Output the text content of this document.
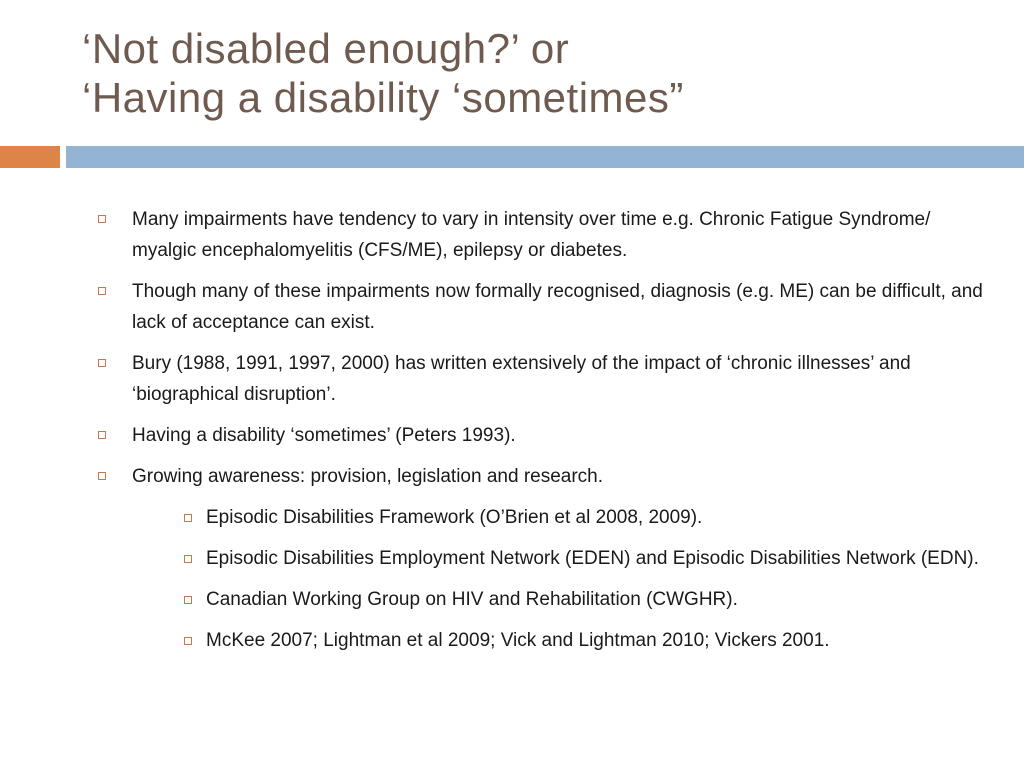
‘Not disabled enough?’ or
‘Having a disability ‘sometimes”
Many impairments have tendency to vary in intensity over time e.g. Chronic Fatigue Syndrome/ myalgic encephalomyelitis (CFS/ME), epilepsy or diabetes.
Though many of these impairments now formally recognised, diagnosis (e.g. ME) can be difficult, and lack of acceptance can exist.
Bury (1988, 1991, 1997, 2000) has written extensively of the impact of ‘chronic illnesses’ and ‘biographical disruption’.
Having a disability ‘sometimes’ (Peters 1993).
Growing awareness: provision, legislation and research.
Episodic Disabilities Framework (O’Brien et al 2008, 2009).
Episodic Disabilities Employment Network (EDEN) and Episodic Disabilities Network (EDN).
Canadian Working Group on HIV and Rehabilitation (CWGHR).
McKee 2007; Lightman et al 2009; Vick and Lightman 2010; Vickers 2001.
